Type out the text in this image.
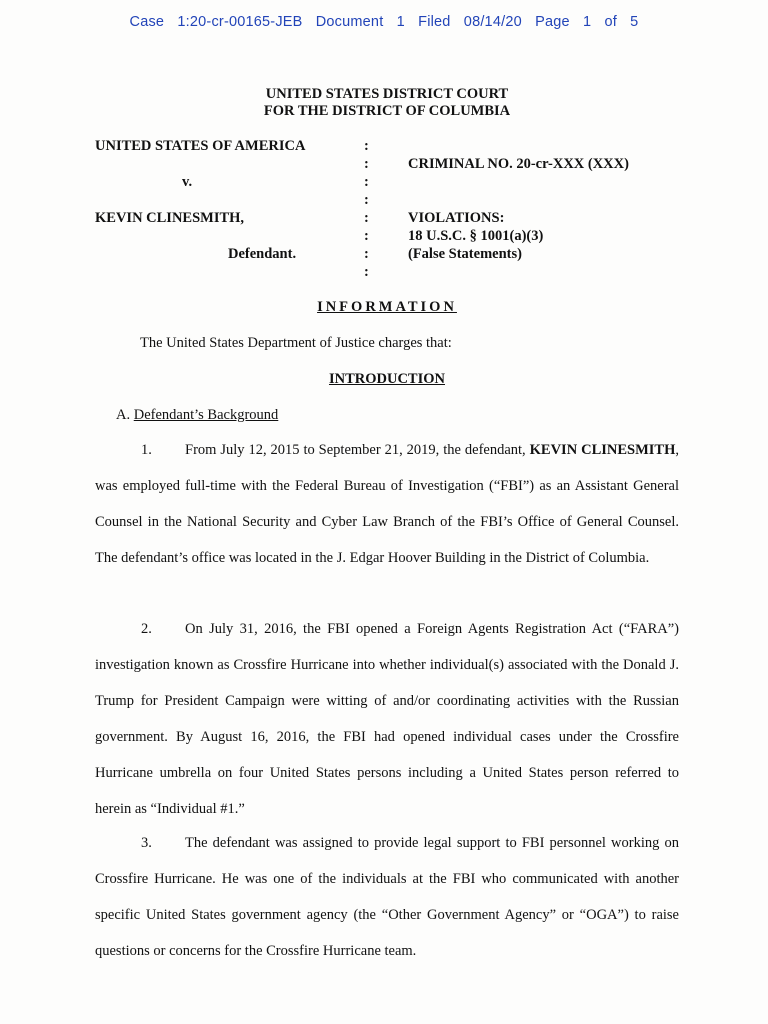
Case 1:20-cr-00165-JEB Document 1 Filed 08/14/20 Page 1 of 5
UNITED STATES DISTRICT COURT
FOR THE DISTRICT OF COLUMBIA
UNITED STATES OF AMERICA
v.
KEVIN CLINESMITH,
Defendant.
:
:
:
:
:
:
:
:
CRIMINAL NO. 20-cr-XXX (XXX)
VIOLATIONS:
18 U.S.C. § 1001(a)(3)
(False Statements)
INFORMATION
The United States Department of Justice charges that:
INTRODUCTION
A. Defendant’s Background

1. From July 12, 2015 to September 21, 2019, the defendant, KEVIN CLINESMITH, was employed full-time with the Federal Bureau of Investigation (“FBI”) as an Assistant General Counsel in the National Security and Cyber Law Branch of the FBI’s Office of General Counsel. The defendant’s office was located in the J. Edgar Hoover Building in the District of Columbia.

2. On July 31, 2016, the FBI opened a Foreign Agents Registration Act (“FARA”) investigation known as Crossfire Hurricane into whether individual(s) associated with the Donald J. Trump for President Campaign were witting of and/or coordinating activities with the Russian government. By August 16, 2016, the FBI had opened individual cases under the Crossfire Hurricane umbrella on four United States persons including a United States person referred to herein as “Individual #1.”

3. The defendant was assigned to provide legal support to FBI personnel working on Crossfire Hurricane. He was one of the individuals at the FBI who communicated with another specific United States government agency (the “Other Government Agency” or “OGA”) to raise questions or concerns for the Crossfire Hurricane team.
